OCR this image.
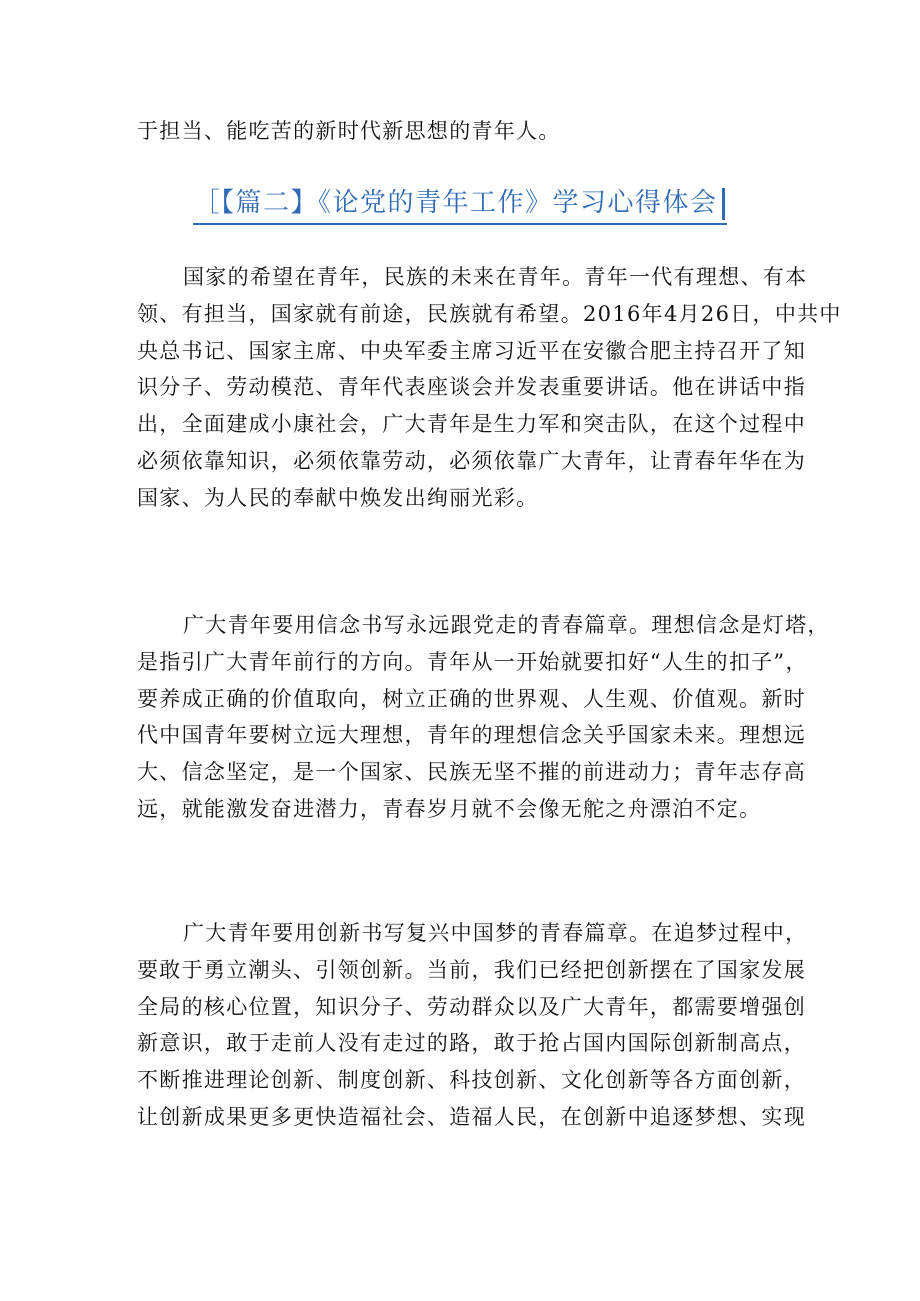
于担当、能吃苦的新时代新思想的青年人。
［【篇二】《论党的青年工作》学习心得体会
国家的希望在青年，民族的未来在青年。青年一代有理想、有本
领、有担当，国家就有前途，民族就有希望。2016年4月26日，中共中
央总书记、国家主席、中央军委主席习近平在安徽合肥主持召开了知
识分子、劳动模范、青年代表座谈会并发表重要讲话。他在讲话中指
出，全面建成小康社会，广大青年是生力军和突击队，在这个过程中
必须依靠知识，必须依靠劳动，必须依靠广大青年，让青春年华在为
国家、为人民的奉献中焕发出绚丽光彩。
广大青年要用信念书写永远跟党走的青春篇章。理想信念是灯塔，
是指引广大青年前行的方向。青年从一开始就要扣好“人生的扣子”，
要养成正确的价值取向，树立正确的世界观、人生观、价值观。新时
代中国青年要树立远大理想，青年的理想信念关乎国家未来。理想远
大、信念坚定，是一个国家、民族无坚不摧的前进动力；青年志存高
远，就能激发奋进潜力，青春岁月就不会像无舵之舟漂泊不定。
广大青年要用创新书写复兴中国梦的青春篇章。在追梦过程中，
要敢于勇立潮头、引领创新。当前，我们已经把创新摆在了国家发展
全局的核心位置，知识分子、劳动群众以及广大青年，都需要增强创
新意识，敢于走前人没有走过的路，敢于抢占国内国际创新制高点，
不断推进理论创新、制度创新、科技创新、文化创新等各方面创新，
让创新成果更多更快造福社会、造福人民，在创新中追逐梦想、实现
